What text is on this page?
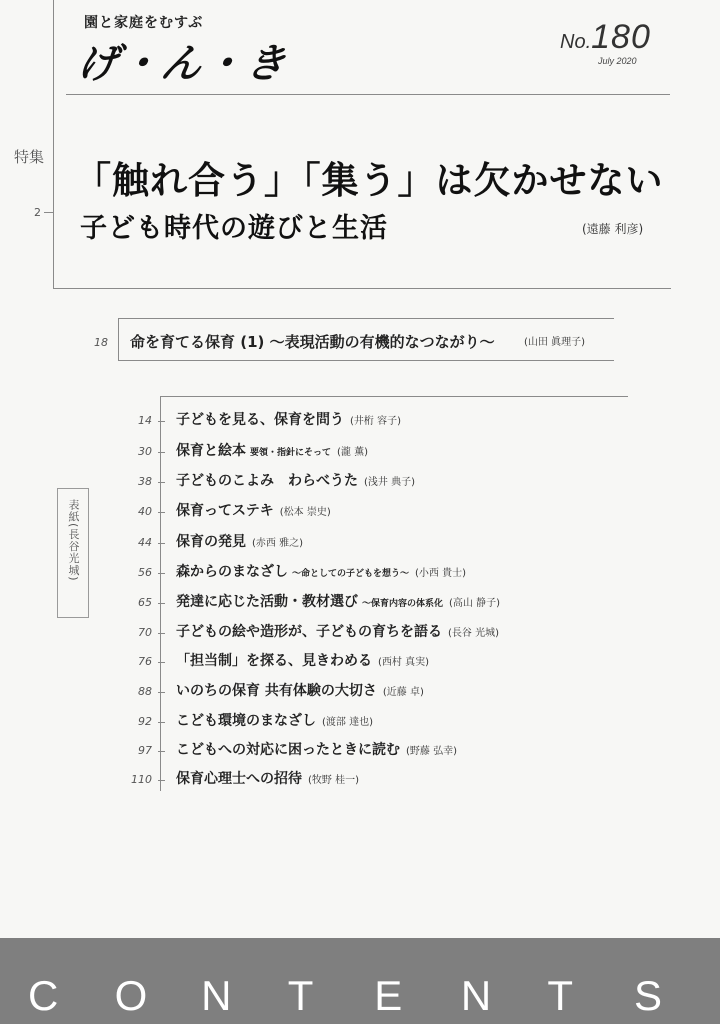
園と家庭をむすぶ
げ・ん・き	No.180
July 2020
特集
2
「触れ合う」「集う」は欠かせない
子ども時代の遊びと生活	(遠藤 利彦)
18 命を育てる保育 (1) ～表現活動の有機的なつながり～	(山田 眞理子)
14 子どもを見る、保育を問う (井桁 容子)
30 保育と絵本 要領・指針にそって (瀧 薫)
38 子どものこよみ　わらべうた (浅井 典子)
40 保育ってステキ (松本 崇史)
44 保育の発見 (赤西 雅之)
56 森からのまなざし ～命としての子どもを想う～ (小西 貴士)
65 発達に応じた活動・教材選び ～保育内容の体系化 (高山 静子)
70 子どもの絵や造形が、子どもの育ちを語る (長谷 光城)
76 「担当制」を探る、見きわめる (西村 真実)
88 いのちの保育 共有体験の大切さ (近藤 卓)
92 こども環境のまなざし (渡部 達也)
97 こどもへの対応に困ったときに読む (野藤 弘幸)
110 保育心理士への招待 (牧野 桂一)
表紙(長谷光城)
C	O	N	T	E	N	T	S
